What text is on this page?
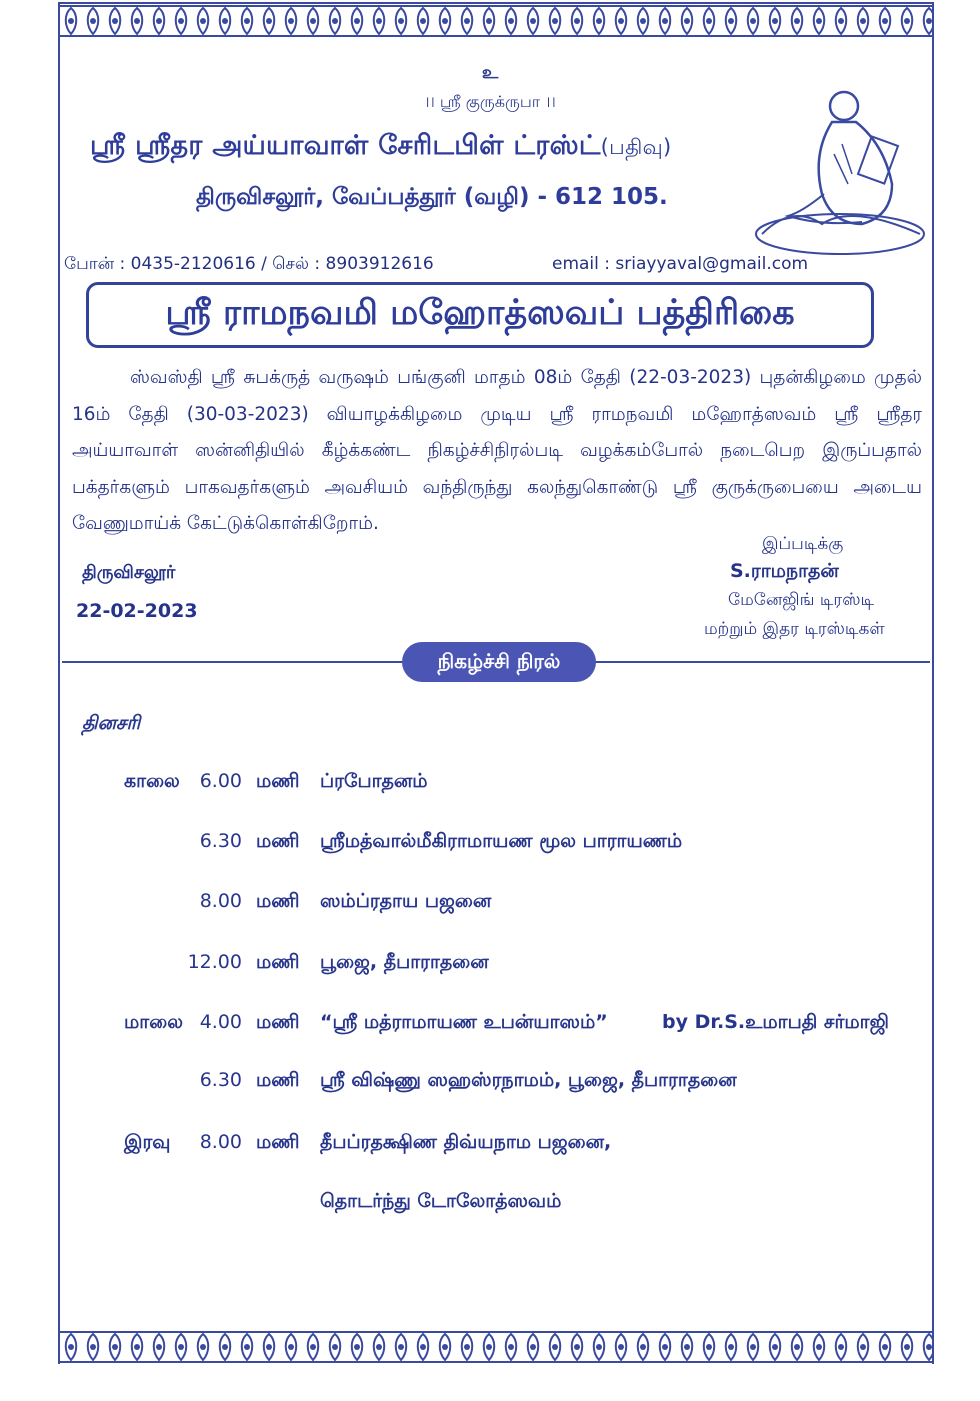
உ
।। ஸ்ரீ குருக்ருபா ।।
ஸ்ரீ ஸ்ரீதர அய்யாவாள் சேரிடபிள் ட்ரஸ்ட்(பதிவு)
திருவிசலூர், வேப்பத்தூர் (வழி) - 612 105.
போன் : 0435-2120616 / செல் : 8903912616	email : sriayyaval@gmail.com
ஸ்ரீ ராமநவமி மஹோத்ஸவப் பத்திரிகை
ஸ்வஸ்தி ஸ்ரீ சுபக்ருத் வருஷம் பங்குனி மாதம் 08ம் தேதி (22-03-2023) புதன்கிழமை முதல் 16ம் தேதி (30-03-2023) வியாழக்கிழமை முடிய ஸ்ரீ ராமநவமி மஹோத்ஸவம் ஸ்ரீ ஸ்ரீதர அய்யாவாள் ஸன்னிதியில் கீழ்க்கண்ட நிகழ்ச்சிநிரல்படி வழக்கம்போல் நடைபெற இருப்பதால் பக்தர்களும் பாகவதர்களும் அவசியம் வந்திருந்து கலந்துகொண்டு ஸ்ரீ குருக்ருபையை அடைய வேணுமாய்க் கேட்டுக்கொள்கிறோம்.
திருவிசலூர்
22-02-2023
இப்படிக்கு
S.ராமநாதன்
மேனேஜிங் டிரஸ்டி
மற்றும் இதர டிரஸ்டிகள்
நிகழ்ச்சி நிரல்
தினசரி
காலை	6.00 மணி ப்ரபோதனம்
6.30 மணி ஸ்ரீமத்வால்மீகிராமாயண மூல பாராயணம்
8.00 மணி ஸம்ப்ரதாய பஜனை
12.00 மணி பூஜை, தீபாராதனை
மாலை 4.00 மணி “ஸ்ரீ மத்ராமாயண உபன்யாஸம்”	by Dr.S.உமாபதி சர்மாஜி
6.30 மணி ஸ்ரீ விஷ்ணு ஸஹஸ்ரநாமம், பூஜை, தீபாராதனை
இரவு	8.00 மணி தீபப்ரதக்ஷிண திவ்யநாம பஜனை,
தொடர்ந்து டோலோத்ஸவம்
